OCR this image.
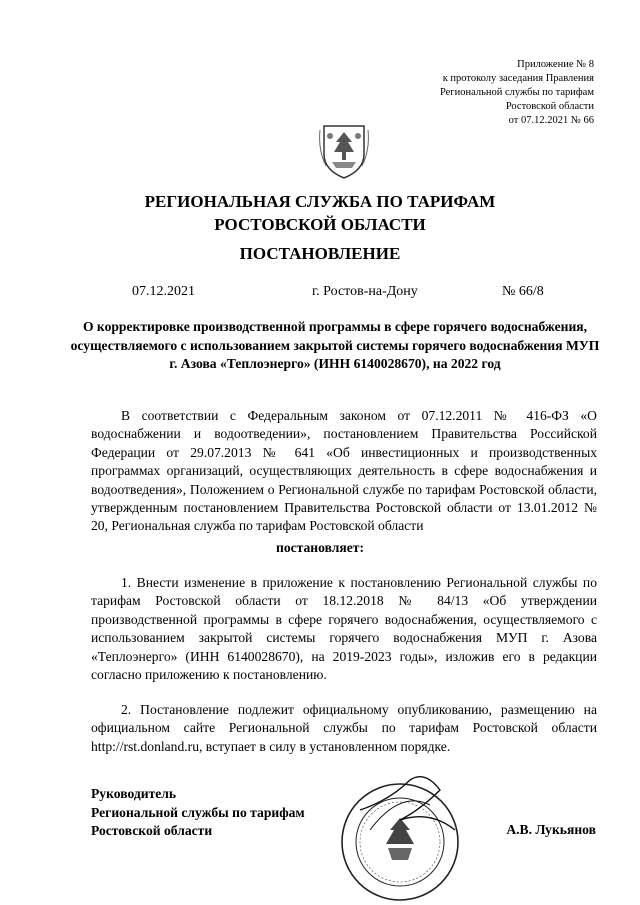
Приложение № 8
к протоколу заседания Правления
Региональной службы по тарифам
Ростовской области
от 07.12.2021 № 66
РЕГИОНАЛЬНАЯ СЛУЖБА ПО ТАРИФАМ
РОСТОВСКОЙ ОБЛАСТИ
ПОСТАНОВЛЕНИЕ
07.12.2021	г. Ростов-на-Дону	№ 66/8
О корректировке производственной программы в сфере горячего водоснабжения, осуществляемого с использованием закрытой системы горячего водоснабжения МУП г. Азова «Теплоэнерго» (ИНН 6140028670), на 2022 год
В соответствии с Федеральным законом от 07.12.2011 № 416-ФЗ «О водоснабжении и водоотведении», постановлением Правительства Российской Федерации от 29.07.2013 № 641 «Об инвестиционных и производственных программах организаций, осуществляющих деятельность в сфере водоснабжения и водоотведения», Положением о Региональной службе по тарифам Ростовской области, утвержденным постановлением Правительства Ростовской области от 13.01.2012 № 20, Региональная служба по тарифам Ростовской области
постановляет:
1. Внести изменение в приложение к постановлению Региональной службы по тарифам Ростовской области от 18.12.2018 № 84/13 «Об утверждении производственной программы в сфере горячего водоснабжения, осуществляемого с использованием закрытой системы горячего водоснабжения МУП г. Азова «Теплоэнерго» (ИНН 6140028670), на 2019-2023 годы», изложив его в редакции согласно приложению к постановлению.
2. Постановление подлежит официальному опубликованию, размещению на официальном сайте Региональной службы по тарифам Ростовской области http://rst.donland.ru, вступает в силу в установленном порядке.
Руководитель
Региональной службы по тарифам
Ростовской области	А.В. Лукьянов
